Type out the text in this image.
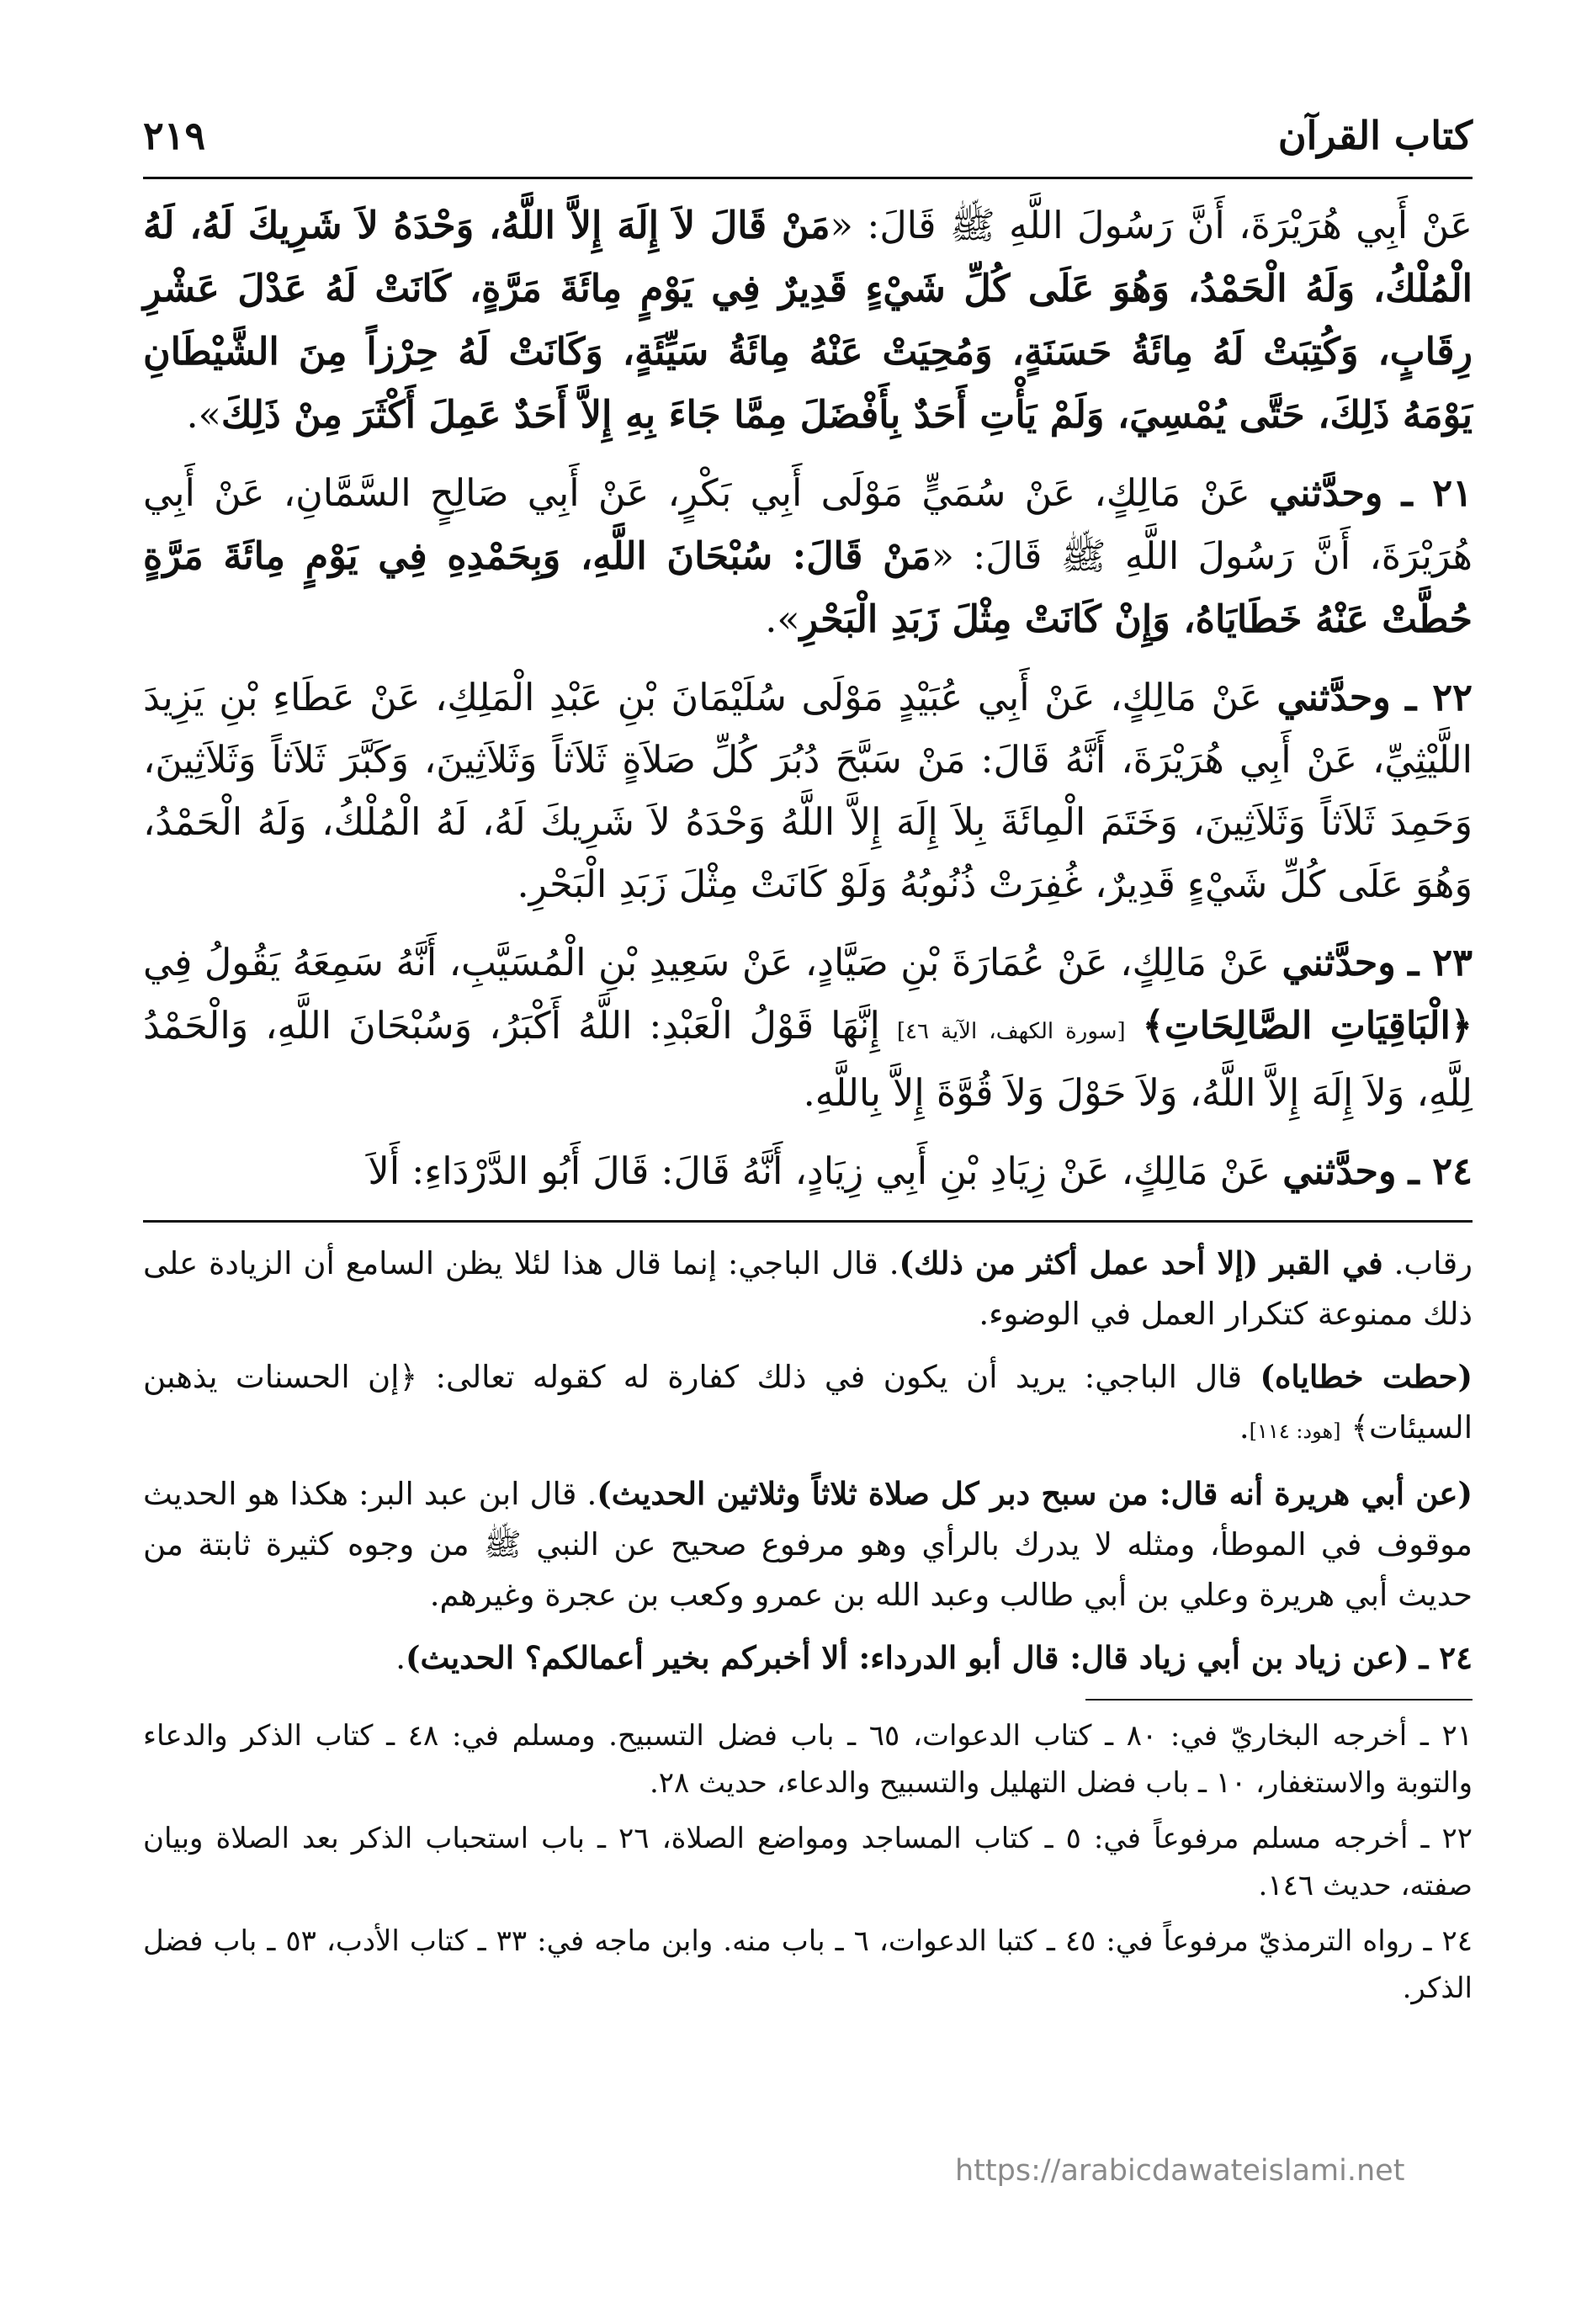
كتاب القرآن
٢١٩

عَنْ أَبِي هُرَيْرَةَ، أَنَّ رَسُولَ اللَّهِ ﷺ قَالَ: «مَنْ قَالَ لاَ إِلَهَ إِلاَّ اللَّهُ، وَحْدَهُ لاَ شَرِيكَ لَهُ، لَهُ الْمُلْكُ، وَلَهُ الْحَمْدُ، وَهُوَ عَلَى كُلِّ شَيْءٍ قَدِيرٌ فِي يَوْمٍ مِائَةَ مَرَّةٍ، كَانَتْ لَهُ عَدْلَ عَشْرِ رِقَابٍ، وَكُتِبَتْ لَهُ مِائَةُ حَسَنَةٍ، وَمُحِيَتْ عَنْهُ مِائَةُ سَيِّئَةٍ، وَكَانَتْ لَهُ حِرْزاً مِنَ الشَّيْطَانِ يَوْمَهُ ذَلِكَ، حَتَّى يُمْسِيَ، وَلَمْ يَأْتِ أَحَدٌ بِأَفْضَلَ مِمَّا جَاءَ بِهِ إِلاَّ أَحَدٌ عَمِلَ أَكْثَرَ مِنْ ذَلِكَ».

٢١ ـ وحدَّثني عَنْ مَالِكٍ، عَنْ سُمَيٍّ مَوْلَى أَبِي بَكْرٍ، عَنْ أَبِي صَالِحٍ السَّمَّانِ، عَنْ أَبِي هُرَيْرَةَ، أَنَّ رَسُولَ اللَّهِ ﷺ قَالَ: «مَنْ قَالَ: سُبْحَانَ اللَّهِ، وَبِحَمْدِهِ فِي يَوْمٍ مِائَةَ مَرَّةٍ حُطَّتْ عَنْهُ خَطَايَاهُ، وَإِنْ كَانَتْ مِثْلَ زَبَدِ الْبَحْرِ».

٢٢ ـ وحدَّثني عَنْ مَالِكٍ، عَنْ أَبِي عُبَيْدٍ مَوْلَى سُلَيْمَانَ بْنِ عَبْدِ الْمَلِكِ، عَنْ عَطَاءِ بْنِ يَزِيدَ اللَّيْثِيِّ، عَنْ أَبِي هُرَيْرَةَ، أَنَّهُ قَالَ: مَنْ سَبَّحَ دُبُرَ كُلِّ صَلاَةٍ ثَلاَثاً وَثَلاَثِينَ، وَكَبَّرَ ثَلاَثاً وَثَلاَثِينَ، وَحَمِدَ ثَلاَثاً وَثَلاَثِينَ، وَخَتَمَ الْمِائَةَ بِلاَ إِلَهَ إِلاَّ اللَّهُ وَحْدَهُ لاَ شَرِيكَ لَهُ، لَهُ الْمُلْكُ، وَلَهُ الْحَمْدُ، وَهُوَ عَلَى كُلِّ شَيْءٍ قَدِيرٌ، غُفِرَتْ ذُنُوبُهُ وَلَوْ كَانَتْ مِثْلَ زَبَدِ الْبَحْرِ.

٢٣ ـ وحدَّثني عَنْ مَالِكٍ، عَنْ عُمَارَةَ بْنِ صَيَّادٍ، عَنْ سَعِيدِ بْنِ الْمُسَيَّبِ، أَنَّهُ سَمِعَهُ يَقُولُ فِي ﴿الْبَاقِيَاتِ الصَّالِحَاتِ﴾ [سورة الكهف، الآية ٤٦] إِنَّهَا قَوْلُ الْعَبْدِ: اللَّهُ أَكْبَرُ، وَسُبْحَانَ اللَّهِ، وَالْحَمْدُ لِلَّهِ، وَلاَ إِلَهَ إِلاَّ اللَّهُ، وَلاَ حَوْلَ وَلاَ قُوَّةَ إِلاَّ بِاللَّهِ.

٢٤ ـ وحدَّثني عَنْ مَالِكٍ، عَنْ زِيَادِ بْنِ أَبِي زِيَادٍ، أَنَّهُ قَالَ: قَالَ أَبُو الدَّرْدَاءِ: أَلاَ

رقاب. في القبر (إلا أحد عمل أكثر من ذلك). قال الباجي: إنما قال هذا لئلا يظن السامع أن الزيادة على ذلك ممنوعة كتكرار العمل في الوضوء.

(حطت خطاياه) قال الباجي: يريد أن يكون في ذلك كفارة له كقوله تعالى: ﴿إن الحسنات يذهبن السيئات﴾ [هود: ١١٤].

(عن أبي هريرة أنه قال: من سبح دبر كل صلاة ثلاثاً وثلاثين الحديث). قال ابن عبد البر: هكذا هو الحديث موقوف في الموطأ، ومثله لا يدرك بالرأي وهو مرفوع صحيح عن النبي ﷺ من وجوه كثيرة ثابتة من حديث أبي هريرة وعلي بن أبي طالب وعبد الله بن عمرو وكعب بن عجرة وغيرهم.

٢٤ ـ (عن زياد بن أبي زياد قال: قال أبو الدرداء: ألا أخبركم بخير أعمالكم؟ الحديث).

٢١ ـ أخرجه البخاريّ في: ٨٠ ـ كتاب الدعوات، ٦٥ ـ باب فضل التسبيح. ومسلم في: ٤٨ ـ كتاب الذكر والدعاء والتوبة والاستغفار، ١٠ ـ باب فضل التهليل والتسبيح والدعاء، حديث ٢٨.

٢٢ ـ أخرجه مسلم مرفوعاً في: ٥ ـ كتاب المساجد ومواضع الصلاة، ٢٦ ـ باب استحباب الذكر بعد الصلاة وبيان صفته، حديث ١٤٦.

٢٤ ـ رواه الترمذيّ مرفوعاً في: ٤٥ ـ كتبا الدعوات، ٦ ـ باب منه. وابن ماجه في: ٣٣ ـ كتاب الأدب، ٥٣ ـ باب فضل الذكر.

https://arabicdawateislami.net
